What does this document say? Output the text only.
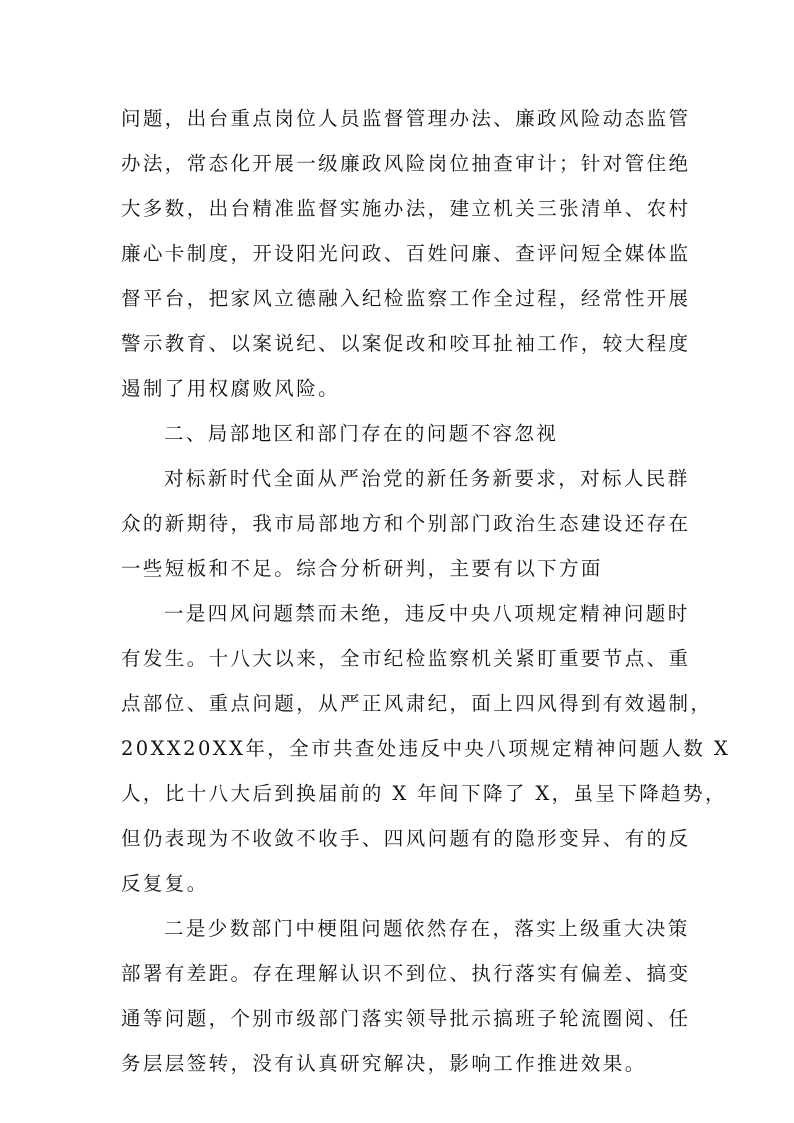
问题，出台重点岗位人员监督管理办法、廉政风险动态监管
办法，常态化开展一级廉政风险岗位抽查审计；针对管住绝
大多数，出台精准监督实施办法，建立机关三张清单、农村
廉心卡制度，开设阳光问政、百姓问廉、查评问短全媒体监
督平台，把家风立德融入纪检监察工作全过程，经常性开展
警示教育、以案说纪、以案促改和咬耳扯袖工作，较大程度
遏制了用权腐败风险。
二、局部地区和部门存在的问题不容忽视
对标新时代全面从严治党的新任务新要求，对标人民群
众的新期待，我市局部地方和个别部门政治生态建设还存在
一些短板和不足。综合分析研判，主要有以下方面
一是四风问题禁而未绝，违反中央八项规定精神问题时
有发生。十八大以来，全市纪检监察机关紧盯重要节点、重
点部位、重点问题，从严正风肃纪，面上四风得到有效遏制，
20XX20XX年，全市共查处违反中央八项规定精神问题人数 X
人，比十八大后到换届前的 X 年间下降了 X，虽呈下降趋势，
但仍表现为不收敛不收手、四风问题有的隐形变异、有的反
反复复。
二是少数部门中梗阻问题依然存在，落实上级重大决策
部署有差距。存在理解认识不到位、执行落实有偏差、搞变
通等问题，个别市级部门落实领导批示搞班子轮流圈阅、任
务层层签转，没有认真研究解决，影响工作推进效果。
